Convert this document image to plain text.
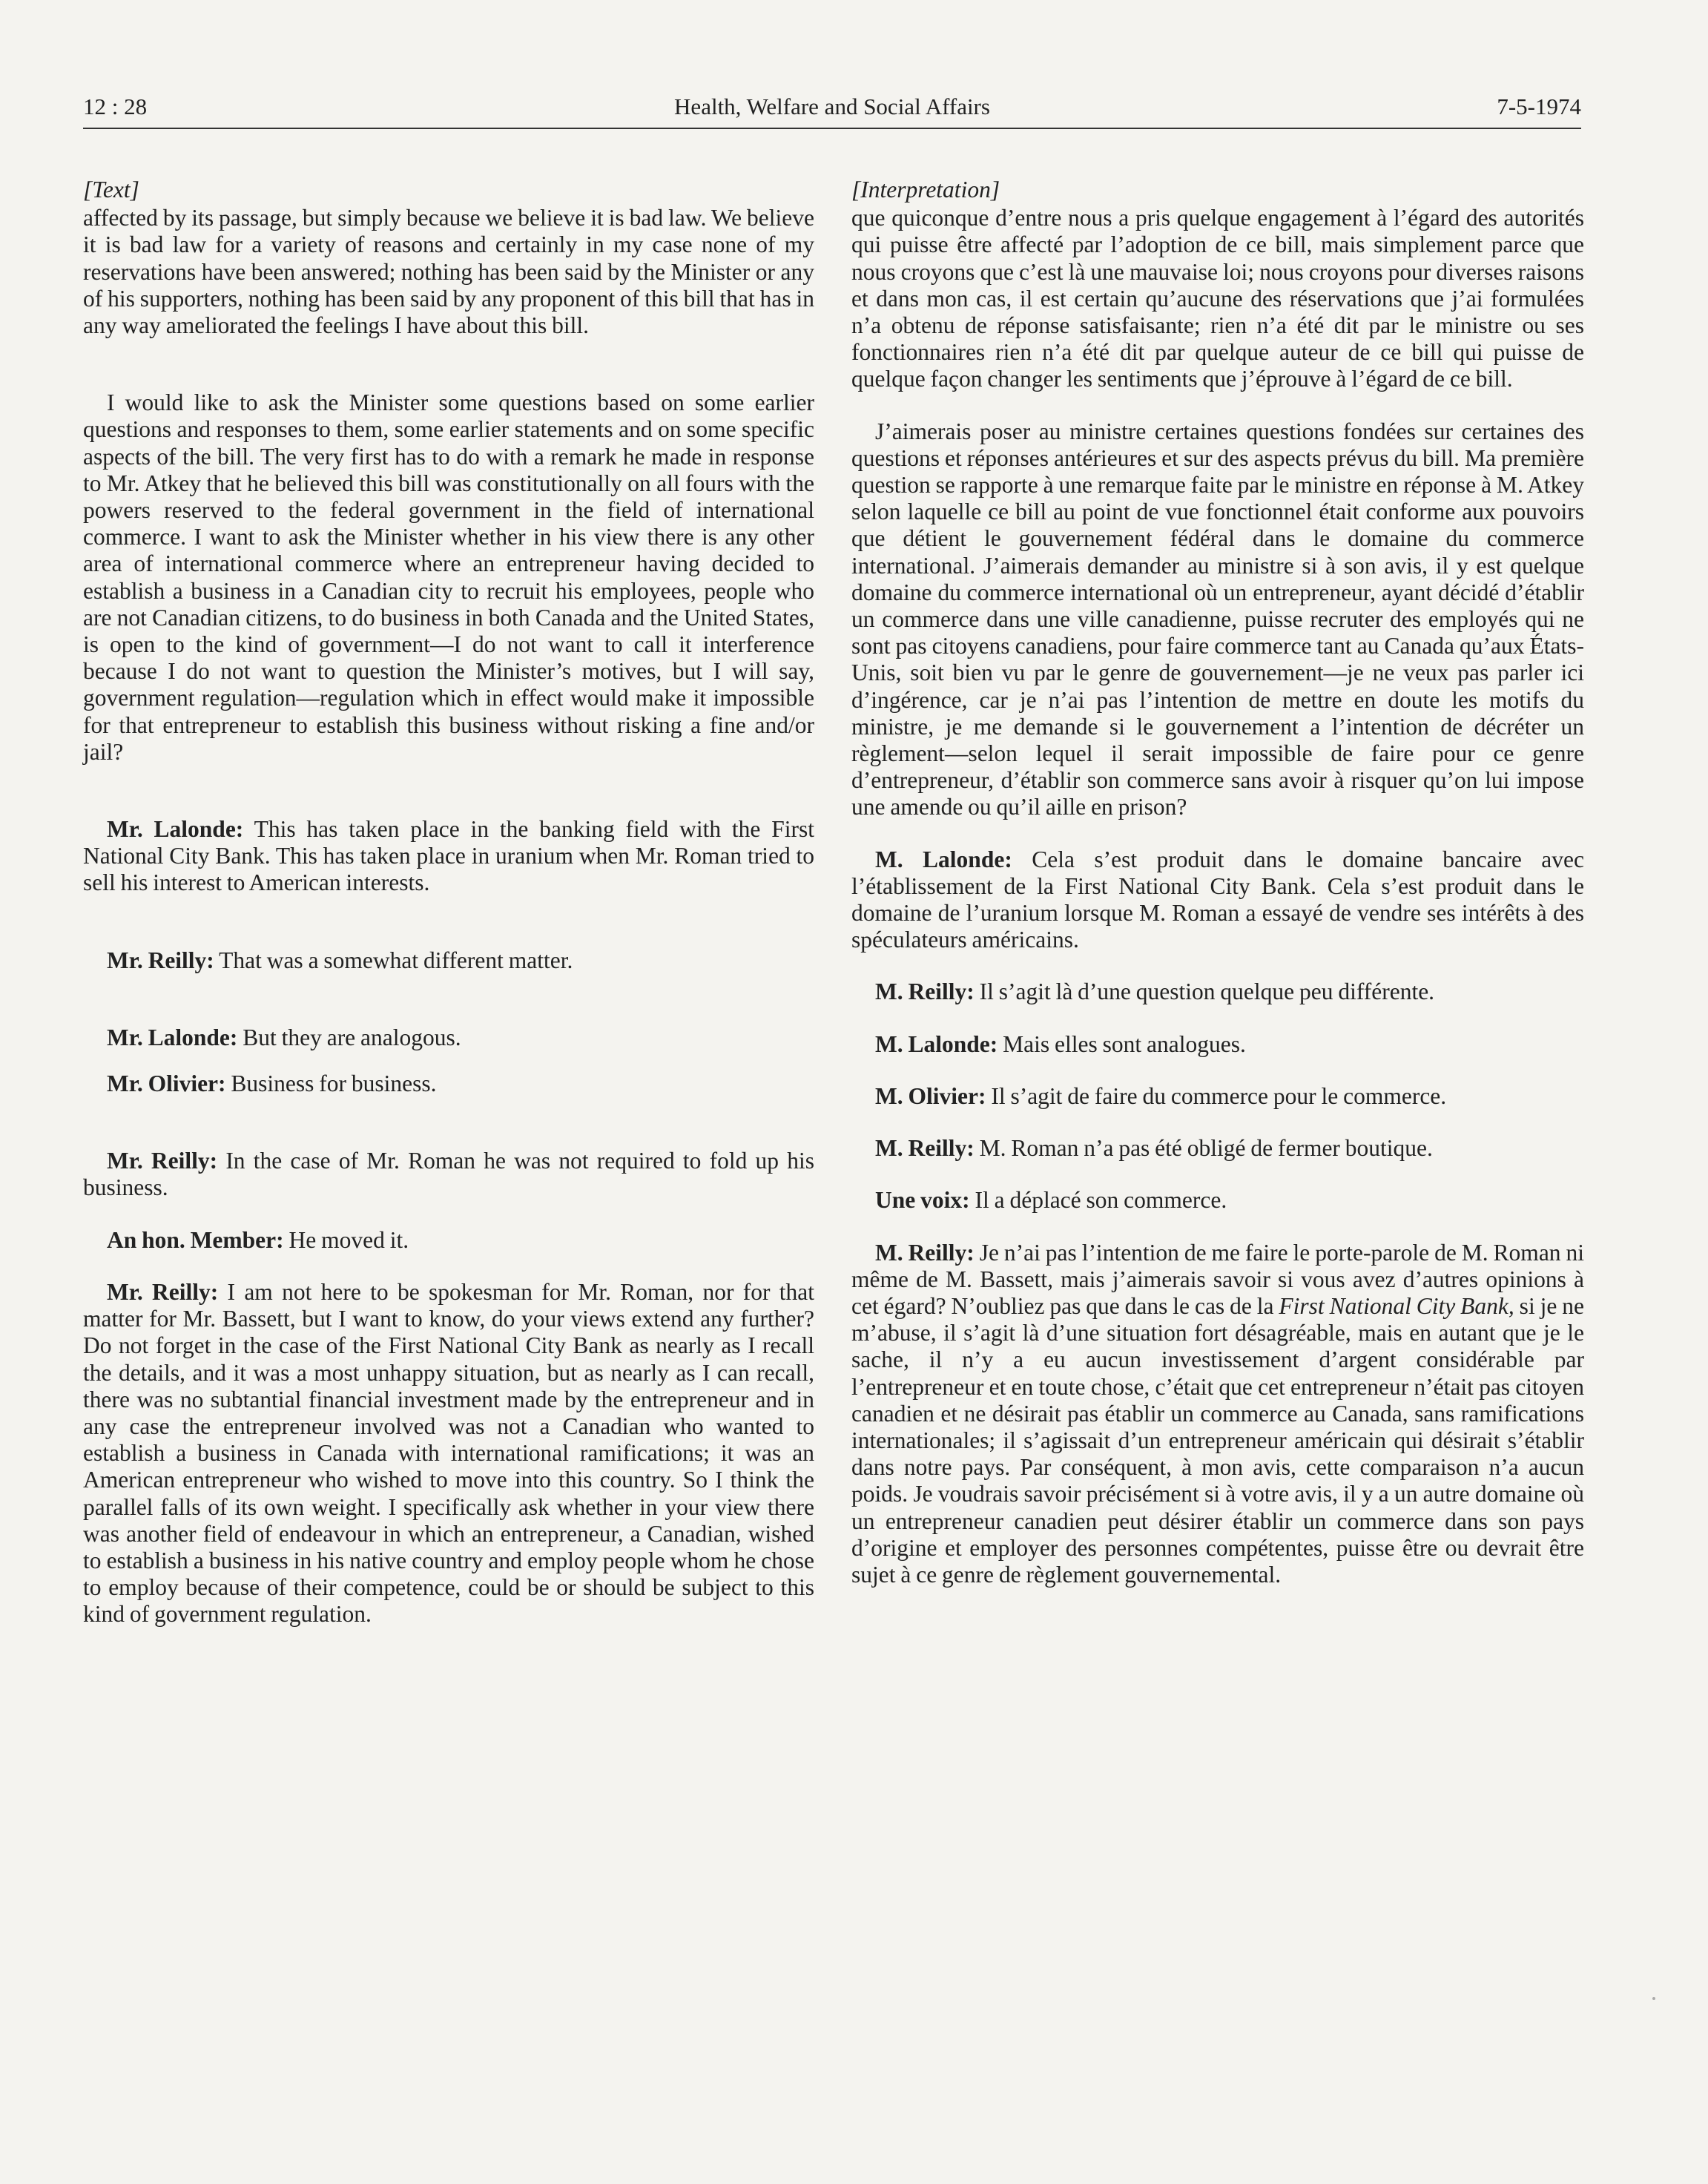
12 : 28	Health, Welfare and Social Affairs	7-5-1974

[Text]

affected by its passage, but simply because we believe it is bad law. We believe it is bad law for a variety of reasons and certainly in my case none of my reservations have been answered; nothing has been said by the Minister or any of his supporters, nothing has been said by any proponent of this bill that has in any way ameliorated the feelings I have about this bill.

I would like to ask the Minister some questions based on some earlier questions and responses to them, some earlier statements and on some specific aspects of the bill. The very first has to do with a remark he made in response to Mr. Atkey that he believed this bill was constitutionally on all fours with the powers reserved to the federal government in the field of international commerce. I want to ask the Minister whether in his view there is any other area of international commerce where an entrepreneur having decided to establish a business in a Canadian city to recruit his employees, people who are not Canadian citizens, to do business in both Canada and the United States, is open to the kind of government—I do not want to call it interference because I do not want to question the Minister’s motives, but I will say, government regulation—regulation which in effect would make it impossible for that entrepreneur to establish this business without risking a fine and/or jail?

Mr. Lalonde: This has taken place in the banking field with the First National City Bank. This has taken place in uranium when Mr. Roman tried to sell his interest to American interests.

Mr. Reilly: That was a somewhat different matter.

Mr. Lalonde: But they are analogous.

Mr. Olivier: Business for business.

Mr. Reilly: In the case of Mr. Roman he was not required to fold up his business.

An hon. Member: He moved it.

Mr. Reilly: I am not here to be spokesman for Mr. Roman, nor for that matter for Mr. Bassett, but I want to know, do your views extend any further? Do not forget in the case of the First National City Bank as nearly as I recall the details, and it was a most unhappy situation, but as nearly as I can recall, there was no subtantial financial investment made by the entrepreneur and in any case the entrepreneur involved was not a Canadian who wanted to establish a business in Canada with international ramifications; it was an American entrepreneur who wished to move into this country. So I think the parallel falls of its own weight. I specifically ask whether in your view there was another field of endeavour in which an entrepreneur, a Canadian, wished to establish a business in his native country and employ people whom he chose to employ because of their competence, could be or should be subject to this kind of government regulation.

[Interpretation]

que quiconque d’entre nous a pris quelque engagement à l’égard des autorités qui puisse être affecté par l’adoption de ce bill, mais simplement parce que nous croyons que c’est là une mauvaise loi; nous croyons pour diverses raisons et dans mon cas, il est certain qu’aucune des réservations que j’ai formulées n’a obtenu de réponse satisfaisante; rien n’a été dit par le ministre ou ses fonctionnaires rien n’a été dit par quelque auteur de ce bill qui puisse de quelque façon changer les sentiments que j’éprouve à l’égard de ce bill.

J’aimerais poser au ministre certaines questions fondées sur certaines des questions et réponses antérieures et sur des aspects prévus du bill. Ma première question se rapporte à une remarque faite par le ministre en réponse à M. Atkey selon laquelle ce bill au point de vue fonctionnel était conforme aux pouvoirs que détient le gouvernement fédéral dans le domaine du commerce international. J’aimerais demander au ministre si à son avis, il y est quelque domaine du commerce international où un entrepreneur, ayant décidé d’établir un commerce dans une ville canadienne, puisse recruter des employés qui ne sont pas citoyens canadiens, pour faire commerce tant au Canada qu’aux États-Unis, soit bien vu par le genre de gouvernement—je ne veux pas parler ici d’ingérence, car je n’ai pas l’intention de mettre en doute les motifs du ministre, je me demande si le gouvernement a l’intention de décréter un règlement—selon lequel il serait impossible de faire pour ce genre d’entrepreneur, d’établir son commerce sans avoir à risquer qu’on lui impose une amende ou qu’il aille en prison?

M. Lalonde: Cela s’est produit dans le domaine bancaire avec l’établissement de la First National City Bank. Cela s’est produit dans le domaine de l’uranium lorsque M. Roman a essayé de vendre ses intérêts à des spéculateurs américains.

M. Reilly: Il s’agit là d’une question quelque peu différente.

M. Lalonde: Mais elles sont analogues.

M. Olivier: Il s’agit de faire du commerce pour le commerce.

M. Reilly: M. Roman n’a pas été obligé de fermer boutique.

Une voix: Il a déplacé son commerce.

M. Reilly: Je n’ai pas l’intention de me faire le porte-parole de M. Roman ni même de M. Bassett, mais j’aimerais savoir si vous avez d’autres opinions à cet égard? N’oubliez pas que dans le cas de la First National City Bank, si je ne m’abuse, il s’agit là d’une situation fort désagréable, mais en autant que je le sache, il n’y a eu aucun investissement d’argent considérable par l’entrepreneur et en toute chose, c’était que cet entrepreneur n’était pas citoyen canadien et ne désirait pas établir un commerce au Canada, sans ramifications internationales; il s’agissait d’un entrepreneur américain qui désirait s’établir dans notre pays. Par conséquent, à mon avis, cette comparaison n’a aucun poids. Je voudrais savoir précisément si à votre avis, il y a un autre domaine où un entrepreneur canadien peut désirer établir un commerce dans son pays d’origine et employer des personnes compétentes, puisse être ou devrait être sujet à ce genre de règlement gouvernemental.
